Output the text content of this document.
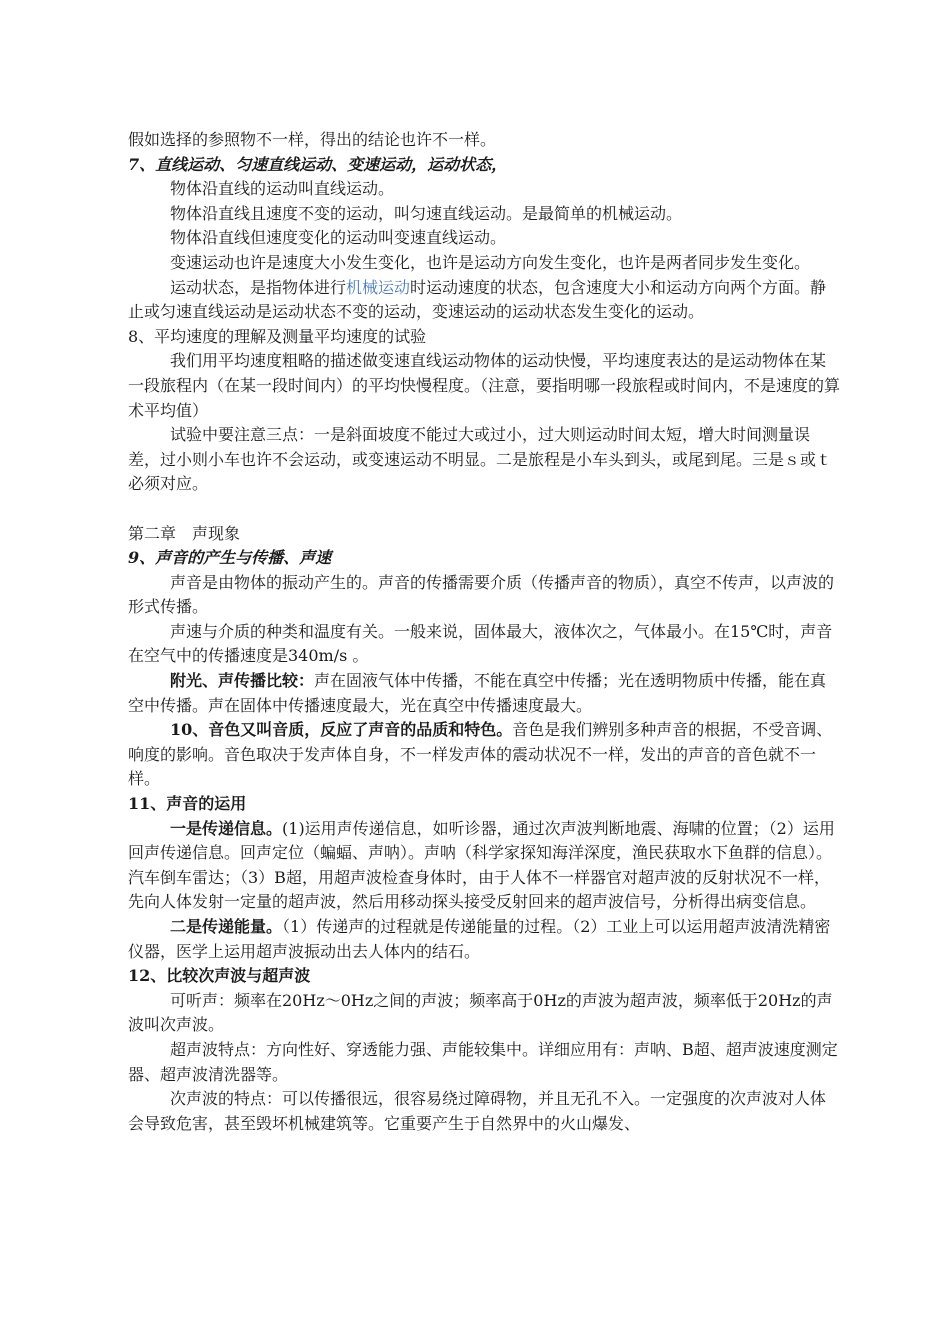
假如选择的参照物不一样，得出的结论也许不一样。

7、直线运动、匀速直线运动、变速运动，运动状态，

物体沿直线的运动叫直线运动。

物体沿直线且速度不变的运动，叫匀速直线运动。是最简单的机械运动。

物体沿直线但速度变化的运动叫变速直线运动。

变速运动也许是速度大小发生变化，也许是运动方向发生变化，也许是两者同步发生变化。

运动状态，是指物体进行机械运动时运动速度的状态，包含速度大小和运动方向两个方面。静止或匀速直线运动是运动状态不变的运动，变速运动的运动状态发生变化的运动。

8、平均速度的理解及测量平均速度的试验

我们用平均速度粗略的描述做变速直线运动物体的运动快慢，平均速度表达的是运动物体在某一段旅程内（在某一段时间内）的平均快慢程度。（注意，要指明哪一段旅程或时间内，不是速度的算术平均值）

试验中要注意三点：一是斜面坡度不能过大或过小，过大则运动时间太短，增大时间测量误差，过小则小车也许不会运动，或变速运动不明显。二是旅程是小车头到头，或尾到尾。三是ｓ或ｔ必须对应。

第二章　声现象

9、声音的产生与传播、声速

声音是由物体的振动产生的。声音的传播需要介质（传播声音的物质），真空不传声，以声波的形式传播。

声速与介质的种类和温度有关。一般来说，固体最大，液体次之，气体最小。在15℃时，声音在空气中的传播速度是340m/s 。

附光、声传播比较：声在固液气体中传播，不能在真空中传播；光在透明物质中传播，能在真空中传播。声在固体中传播速度最大，光在真空中传播速度最大。

10、音色又叫音质，反应了声音的品质和特色。音色是我们辨别多种声音的根据，不受音调、响度的影响。音色取决于发声体自身，不一样发声体的震动状况不一样，发出的声音的音色就不一样。

11、声音的运用

一是传递信息。(1)运用声传递信息，如听诊器，通过次声波判断地震、海啸的位置；（2）运用回声传递信息。回声定位（蝙蝠、声呐）。声呐（科学家探知海洋深度，渔民获取水下鱼群的信息）。汽车倒车雷达；（3）B超，用超声波检查身体时，由于人体不一样器官对超声波的反射状况不一样，先向人体发射一定量的超声波，然后用移动探头接受反射回来的超声波信号，分析得出病变信息。

二是传递能量。（1）传递声的过程就是传递能量的过程。（2）工业上可以运用超声波清洗精密仪器，医学上运用超声波振动出去人体内的结石。

12、比较次声波与超声波

可听声：频率在20Hz～0Hz之间的声波；频率高于0Hz的声波为超声波，频率低于20Hz的声波叫次声波。

超声波特点：方向性好、穿透能力强、声能较集中。详细应用有：声呐、B超、超声波速度测定器、超声波清洗器等。

次声波的特点：可以传播很远，很容易绕过障碍物，并且无孔不入。一定强度的次声波对人体会导致危害，甚至毁坏机械建筑等。它重要产生于自然界中的火山爆发、
